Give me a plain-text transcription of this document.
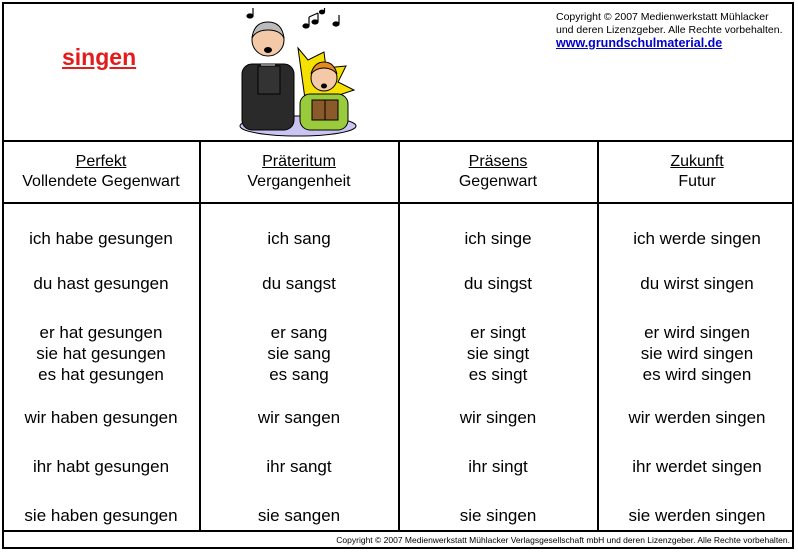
singen
Copyright © 2007 Medienwerkstatt Mühlacker
und deren Lizenzgeber. Alle Rechte vorbehalten.
www.grundschulmaterial.de
Perfekt
Vollendete Gegenwart
ich habe gesungen
du hast gesungen
er hat gesungen
sie hat gesungen
es hat gesungen
wir haben gesungen
ihr habt gesungen
sie haben gesungen
Präteritum
Vergangenheit
ich sang
du sangst
er sang
sie sang
es sang
wir sangen
ihr sangt
sie sangen
Präsens
Gegenwart
ich singe
du singst
er singt
sie singt
es singt
wir singen
ihr singt
sie singen
Zukunft
Futur
ich werde singen
du wirst singen
er wird singen
sie wird singen
es wird singen
wir werden singen
ihr werdet singen
sie werden singen
Copyright © 2007 Medienwerkstatt Mühlacker Verlagsgesellschaft mbH und deren Lizenzgeber. Alle Rechte vorbehalten.
